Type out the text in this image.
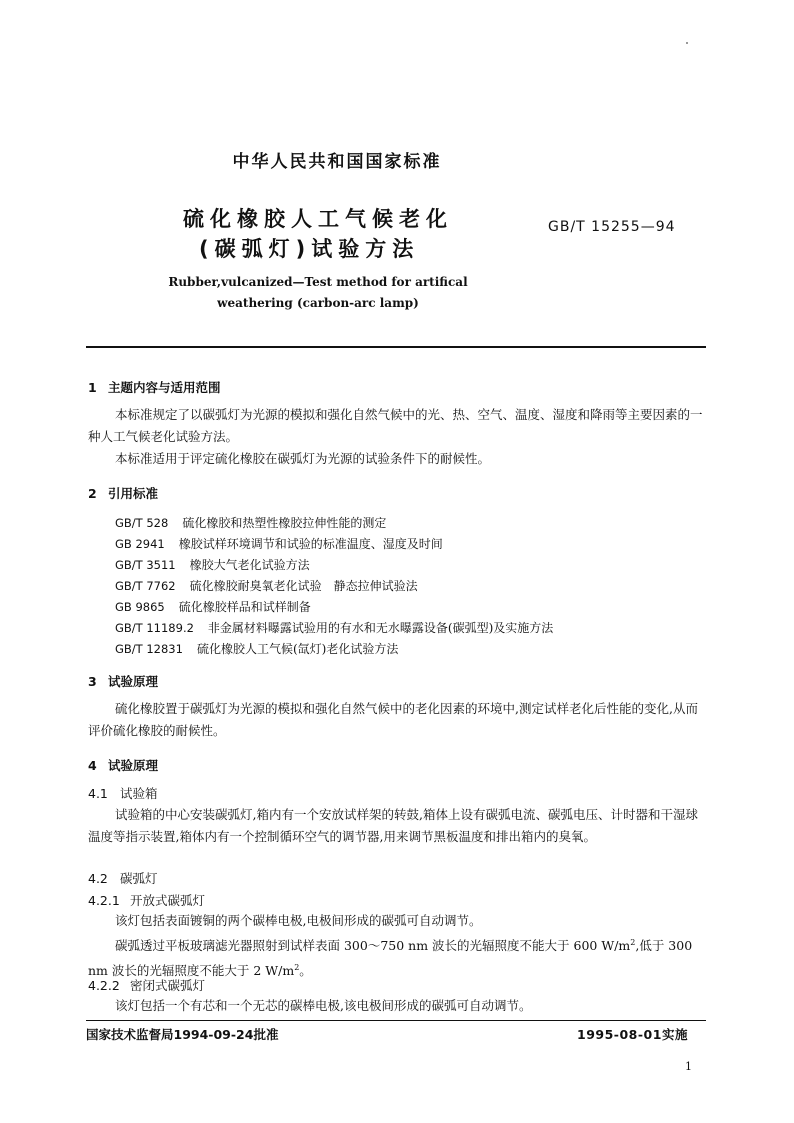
中华人民共和国国家标准
硫化橡胶人工气候老化
(碳弧灯)试验方法
GB/T 15255—94
Rubber,vulcanized—Test method for artifical
weathering (carbon-arc lamp)
1 主题内容与适用范围
本标准规定了以碳弧灯为光源的模拟和强化自然气候中的光、热、空气、温度、湿度和降雨等主要因素的一种人工气候老化试验方法。
本标准适用于评定硫化橡胶在碳弧灯为光源的试验条件下的耐候性。
2 引用标准
GB/T 528 硫化橡胶和热塑性橡胶拉伸性能的测定
GB 2941 橡胶试样环境调节和试验的标准温度、湿度及时间
GB/T 3511 橡胶大气老化试验方法
GB/T 7762 硫化橡胶耐臭氧老化试验　静态拉伸试验法
GB 9865 硫化橡胶样品和试样制备
GB/T 11189.2 非金属材料曝露试验用的有水和无水曝露设备(碳弧型)及实施方法
GB/T 12831 硫化橡胶人工气候(氙灯)老化试验方法
3 试验原理
硫化橡胶置于碳弧灯为光源的模拟和强化自然气候中的老化因素的环境中,测定试样老化后性能的变化,从而评价硫化橡胶的耐候性。
4 试验原理
4.1 试验箱
试验箱的中心安装碳弧灯,箱内有一个安放试样架的转鼓,箱体上设有碳弧电流、碳弧电压、计时器和干湿球温度等指示装置,箱体内有一个控制循环空气的调节器,用来调节黑板温度和排出箱内的臭氧。
4.2 碳弧灯
4.2.1 开放式碳弧灯
该灯包括表面镀铜的两个碳棒电极,电极间形成的碳弧可自动调节。
碳弧透过平板玻璃滤光器照射到试样表面 300～750 nm 波长的光辐照度不能大于 600 $W/m^2$,低于 300 nm 波长的光辐照度不能大于 2 $W/m^2$。
4.2.2 密闭式碳弧灯
该灯包括一个有芯和一个无芯的碳棒电极,该电极间形成的碳弧可自动调节。
国家技术监督局1994-09-24批准	1995-08-01实施
1
